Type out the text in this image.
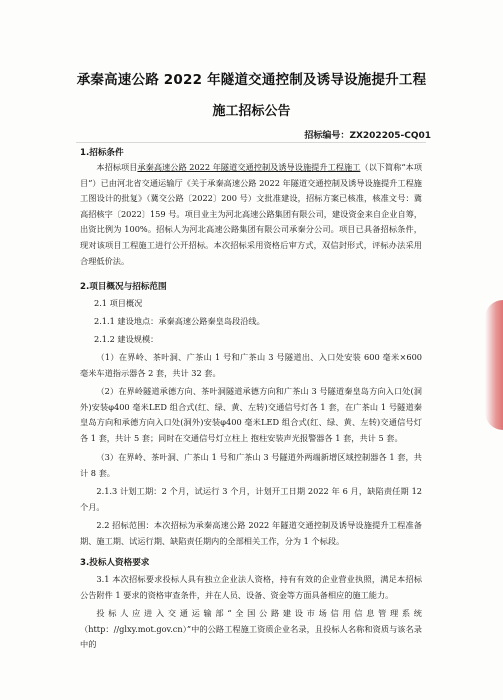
承秦高速公路 2022 年隧道交通控制及诱导设施提升工程
施工招标公告
招标编号：ZX202205-CQ01
1.招标条件
本招标项目承秦高速公路 2022 年隧道交通控制及诱导设施提升工程施工（以下简称“本项目”）已由河北省交通运输厅《关于承秦高速公路 2022 年隧道交通控制及诱导设施提升工程施工图设计的批复》（冀交公路〔2022〕200 号）文批准建设，招标方案已核准，核准文号：冀高招核字〔2022〕159 号。项目业主为河北高速公路集团有限公司，建设资金来自企业自筹，出资比例为 100%。招标人为河北高速公路集团有限公司承秦分公司。项目已具备招标条件，现对该项目工程施工进行公开招标。本次招标采用资格后审方式，双信封形式，评标办法采用合理低价法。
2.项目概况与招标范围
2.1 项目概况
2.1.1 建设地点：承秦高速公路秦皇岛段沿线。
2.1.2 建设规模：
（1）在界岭、茶叶洞、广茶山 1 号和广茶山 3 号隧道出、入口处安装 600 毫米×600 毫米车道指示器各 2 套，共计 32 套。
（2）在界岭隧道承德方向、茶叶洞隧道承德方向和广茶山 3 号隧道秦皇岛方向入口处(洞外)安装φ400 毫米LED 组合式(红、绿、黄、左转)交通信号灯各 1 套，在广茶山 1 号隧道秦皇岛方向和承德方向入口处(洞外)安装φ400 毫米LED 组合式(红、绿、黄、左转)交通信号灯各 1 套，共计 5 套；同时在交通信号灯立柱上 抱柱安装声光报警器各 1 套，共计 5 套。
（3）在界岭、茶叶洞、广茶山 1 号和广茶山 3 号隧道外两端新增区域控制器各 1 套，共计 8 套。
2.1.3 计划工期：2 个月，试运行 3 个月，计划开工日期 2022 年 6 月，缺陷责任期 12 个月。
2.2 招标范围：本次招标为承秦高速公路 2022 年隧道交通控制及诱导设施提升工程准备期、施工期、试运行期、缺陷责任期内的全部相关工作，分为 1 个标段。
3.投标人资格要求
3.1 本次招标要求投标人具有独立企业法人资格，持有有效的企业营业执照，满足本招标公告附件 1 要求的资格审查条件，并在人员、设备、资金等方面具备相应的施工能力。
投标人应进入交通运输部“全国公路建设市场信用信息管理系统（http：//glxy.mot.gov.cn）”中的公路工程施工资质企业名录，且投标人名称和资质与该名录中的
